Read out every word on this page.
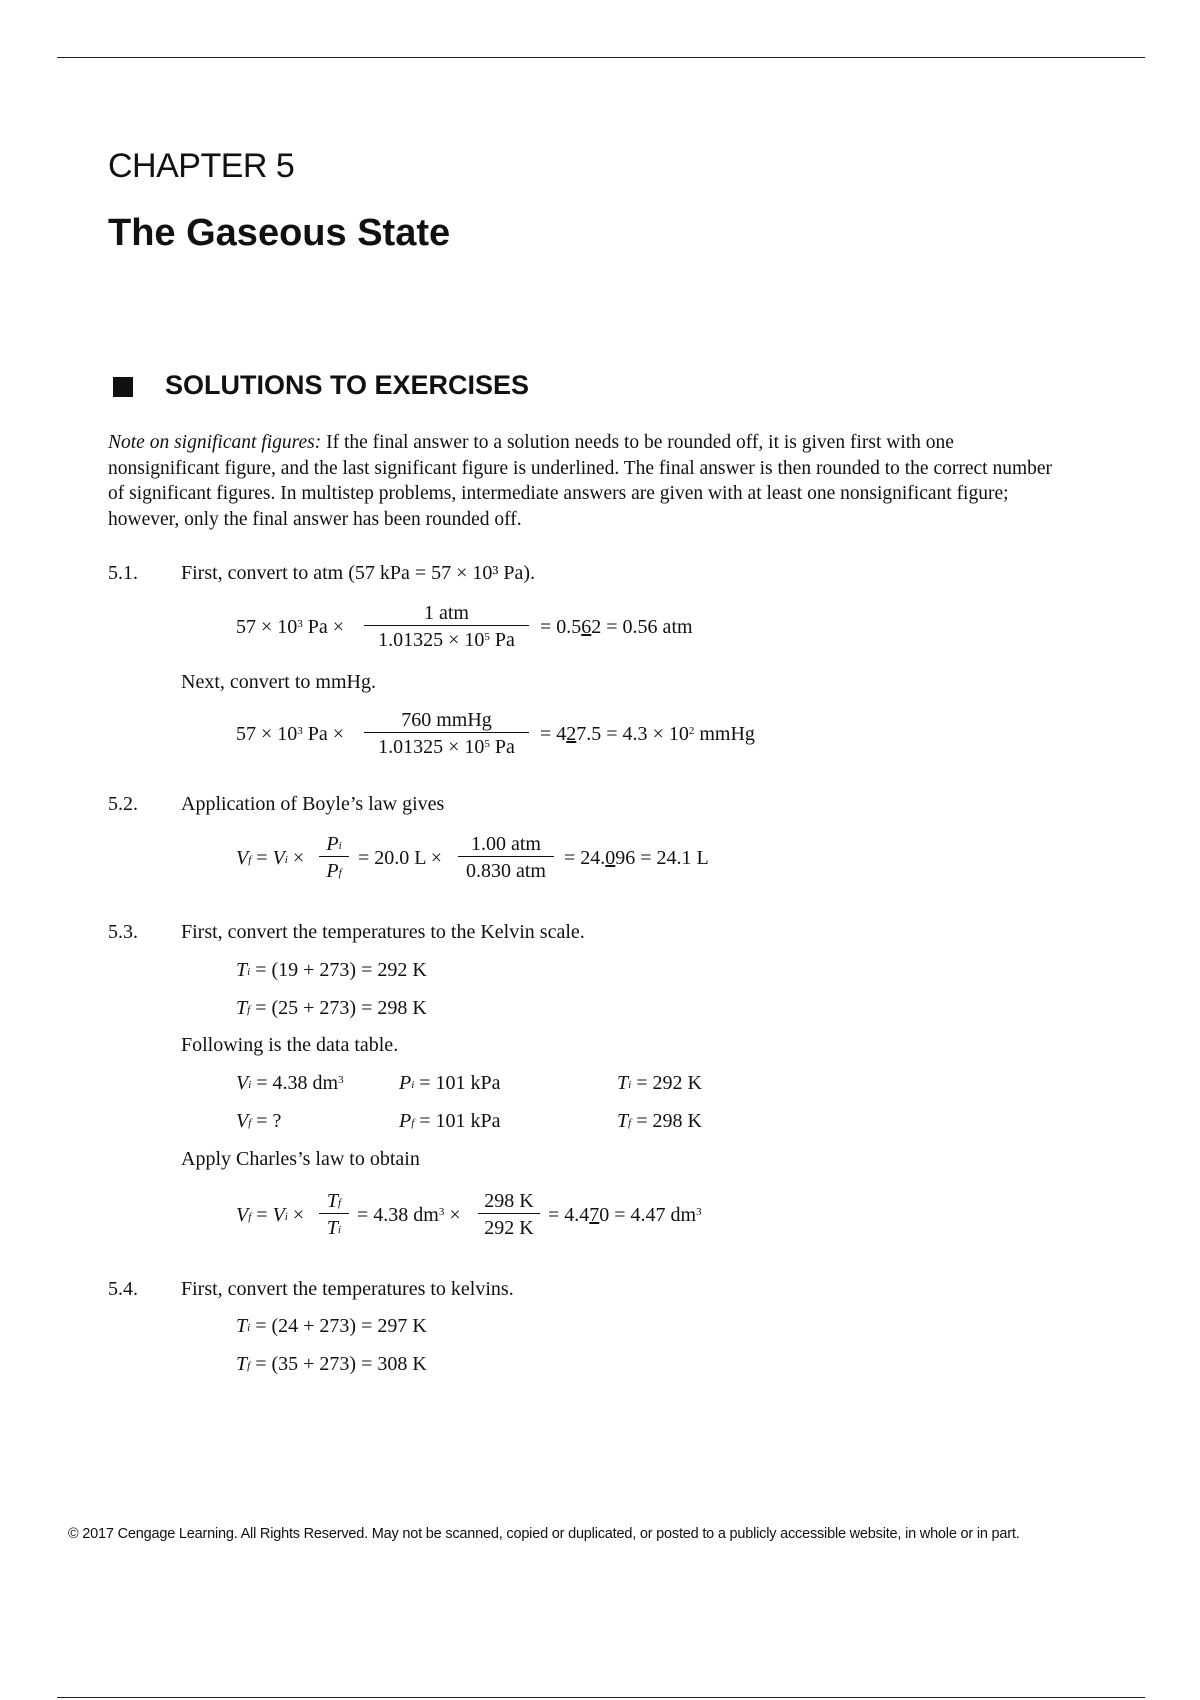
CHAPTER 5
The Gaseous State
SOLUTIONS TO EXERCISES
Note on significant figures: If the final answer to a solution needs to be rounded off, it is given first with one nonsignificant figure, and the last significant figure is underlined. The final answer is then rounded to the correct number of significant figures. In multistep problems, intermediate answers are given with at least one nonsignificant figure; however, only the final answer has been rounded off.
5.1. First, convert to atm (57 kPa = 57 × 10³ Pa).
$57 \times 10^3$ Pa ×
1 atm
$1.01325 \times 10^5$ Pa
= 0.562 = 0.56 atm
Next, convert to mmHg.
$57 \times 10^3$ Pa ×
760 mmHg
$1.01325 \times 10^5$ Pa
= $427.5 = 4.3 \times 10^2$ mmHg
5.2. Application of Boyle’s law gives
$V_f = V_i \times \frac{P_i}{P_f} = 20.0$ L ×
1.00 atm
0.830 atm
= 24.096 = 24.1 L
5.3. First, convert the temperatures to the Kelvin scale.
$T_i = (19 + 273) = 292$ K
$T_f = (25 + 273) = 298$ K
Following is the data table.
$V_i = 4.38$ $dm^3$	$P_i = 101$ kPa	$T_i = 292$ K
$V_f$ = ?	$P_f = 101$ kPa	$T_f = 298$ K
Apply Charles’s law to obtain
$V_f = V_i \times \frac{T_f}{T_i} = 4.38$ $dm^3 \times \frac{298 K}{292 K} = 4.470 = 4.47$ $dm^3$
5.4. First, convert the temperatures to kelvins.
$T_i = (24 + 273) = 297$ K
$T_f = (35 + 273) = 308$ K
© 2017 Cengage Learning. All Rights Reserved. May not be scanned, copied or duplicated, or posted to a publicly accessible website, in whole or in part.
